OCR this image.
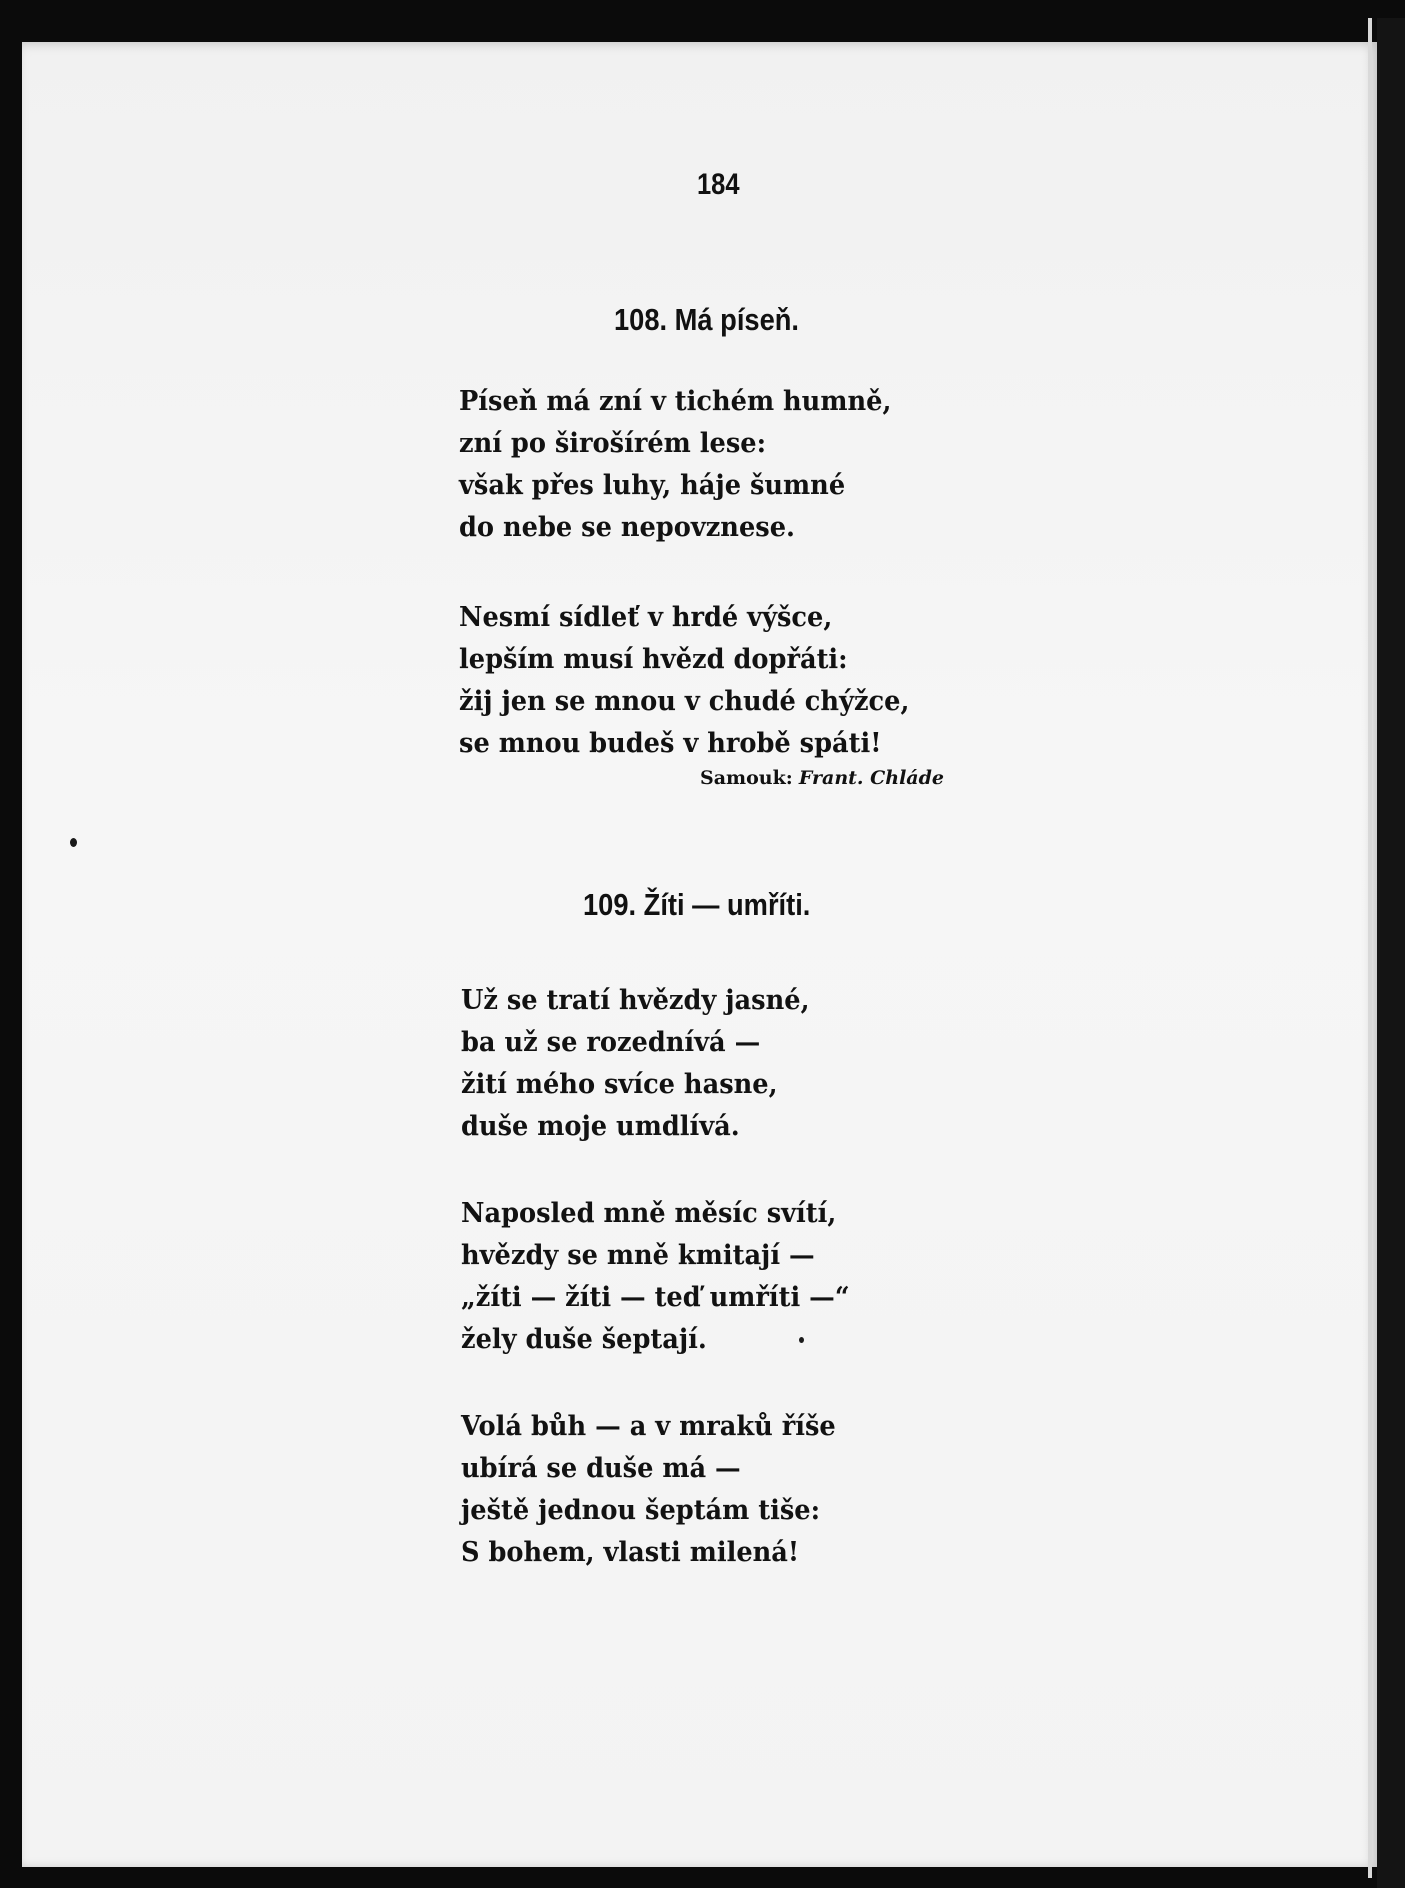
184
108. Má píseň.
Píseň má zní v tichém humně,
zní po širošírém lese:
však přes luhy, háje šumné
do nebe se nepovznese.
Nesmí sídleť v hrdé výšce,
lepším musí hvězd dopřáti:
žij jen se mnou v chudé chýžce,
se mnou budeš v hrobě spáti!
Samouk: Frant. Chláde
109. Žíti — umříti.
Už se tratí hvězdy jasné,
ba už se rozednívá —
žití mého svíce hasne,
duše moje umdlívá.
Naposled mně měsíc svítí,
hvězdy se mně kmitají —
„žíti — žíti — teď umříti —“
žely duše šeptají.
Volá bůh — a v mraků říše
ubírá se duše má —
ještě jednou šeptám tiše:
S bohem, vlasti milená!
